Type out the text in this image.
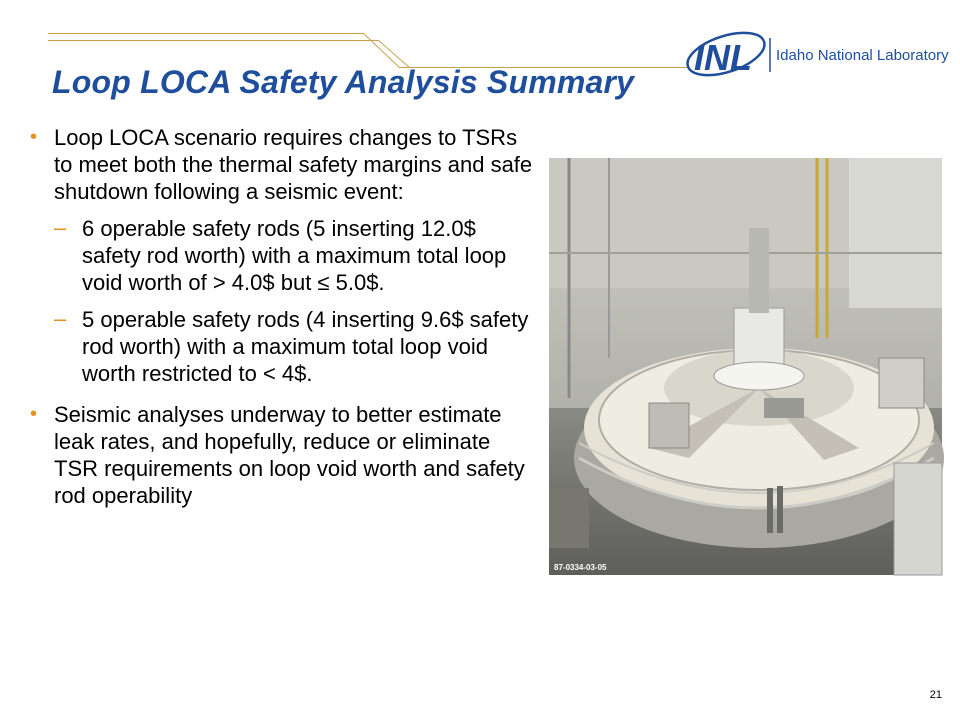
INL Idaho National Laboratory
Loop LOCA Safety Analysis Summary
• Loop LOCA scenario requires changes to TSRs to meet both the thermal safety margins and safe shutdown following a seismic event:
– 6 operable safety rods (5 inserting 12.0$ safety rod worth) with a maximum total loop void worth of > 4.0$ but ≤ 5.0$.
– 5 operable safety rods (4 inserting 9.6$ safety rod worth) with a maximum total loop void worth restricted to < 4$.
• Seismic analyses underway to better estimate leak rates, and hopefully, reduce or eliminate TSR requirements on loop void worth and safety rod operability
87-0334-03-05
21
